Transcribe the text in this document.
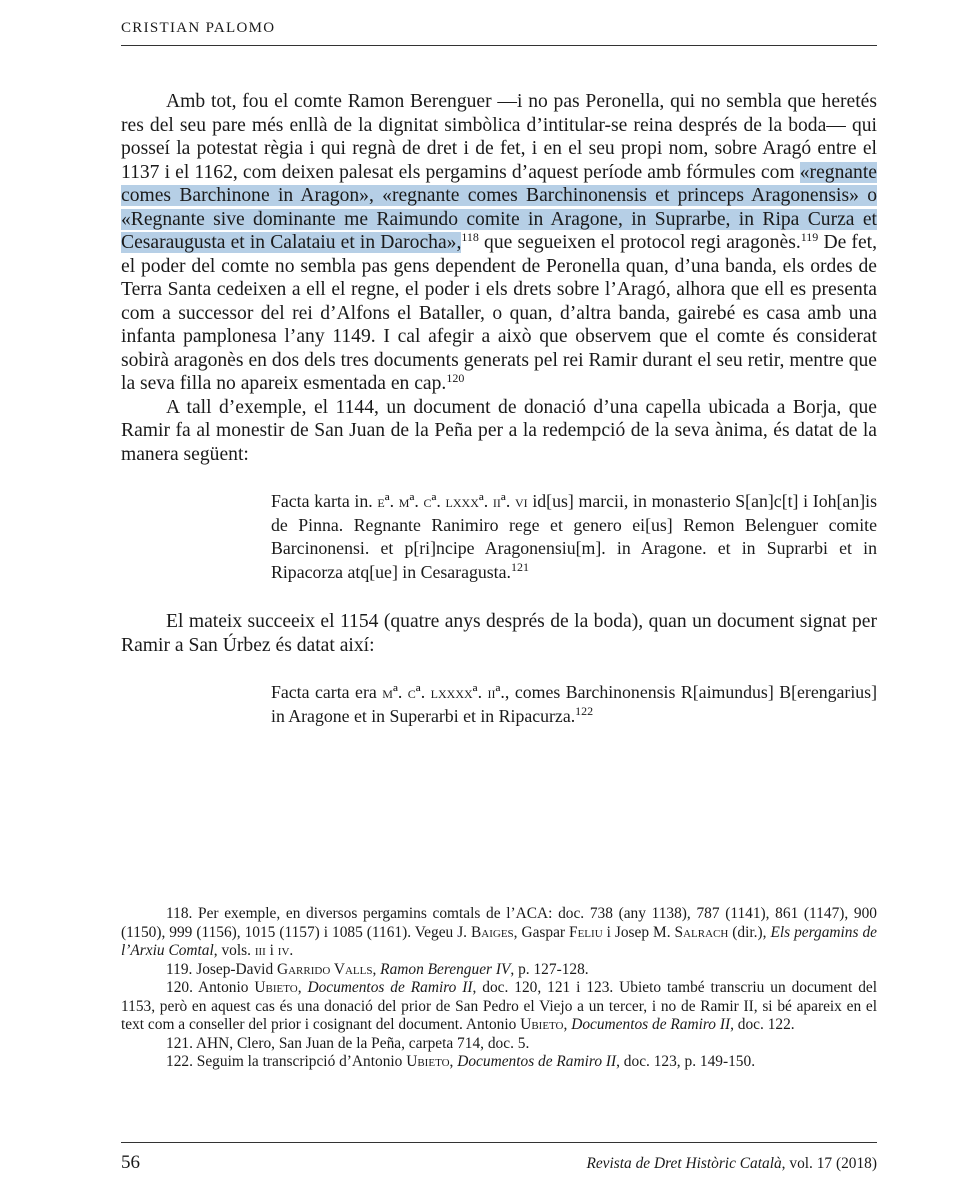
CRISTIAN PALOMO

Amb tot, fou el comte Ramon Berenguer —i no pas Peronella, qui no sembla que heretés res del seu pare més enllà de la dignitat simbòlica d’intitular-se reina després de la boda— qui posseí la potestat règia i qui regnà de dret i de fet, i en el seu propi nom, sobre Aragó entre el 1137 i el 1162, com deixen palesat els pergamins d’aquest període amb fórmules com «regnante comes Barchinone in Aragon», «regnante comes Barchinonensis et princeps Aragonensis» o «Regnante sive dominante me Raimundo comite in Aragone, in Suprarbe, in Ripa Curza et Cesaraugusta et in Calataiu et in Darocha»,$^{118}$ que segueixen el protocol regi aragonès.$^{119}$ De fet, el poder del comte no sembla pas gens dependent de Peronella quan, d’una banda, els ordes de Terra Santa cedeixen a ell el regne, el poder i els drets sobre l’Aragó, alhora que ell es presenta com a successor del rei d’Alfons el Bataller, o quan, d’altra banda, gairebé es casa amb una infanta pamplonesa l’any 1149. I cal afegir a això que observem que el comte és considerat sobirà aragonès en dos dels tres documents generats pel rei Ramir durant el seu retir, mentre que la seva filla no apareix esmentada en cap.$^{120}$

A tall d’exemple, el 1144, un document de donació d’una capella ubicada a Borja, que Ramir fa al monestir de San Juan de la Peña per a la redempció de la seva ànima, és datat de la manera següent:

Facta karta in. eª. mª. cª. lxxxª. iiª. vi id[us] marcii, in monasterio S[an]c[t] i Ioh[an]is de Pinna. Regnante Ranimiro rege et genero ei[us] Remon Belenguer comite Barcinonensi. et p[ri]ncipe Aragonensiu[m]. in Aragone. et in Suprarbi et in Ripacorza atq[ue] in Cesaragusta.$^{121}$

El mateix succeeix el 1154 (quatre anys després de la boda), quan un document signat per Ramir a San Úrbez és datat així:

Facta carta era mª. cª. lxxxxª. iiª., comes Barchinonensis R[aimundus] B[erengarius] in Aragone et in Superarbi et in Ripacurza.$^{122}$

118. Per exemple, en diversos pergamins comtals de l’ACA: doc. 738 (any 1138), 787 (1141), 861 (1147), 900 (1150), 999 (1156), 1015 (1157) i 1085 (1161). Vegeu J. Baiges, Gaspar Feliu i Josep M. Salrach (dir.), Els pergamins de l’Arxiu Comtal, vols. iii i iv.

119. Josep-David Garrido Valls, Ramon Berenguer IV, p. 127-128.

120. Antonio Ubieto, Documentos de Ramiro II, doc. 120, 121 i 123. Ubieto també transcriu un document del 1153, però en aquest cas és una donació del prior de San Pedro el Viejo a un tercer, i no de Ramir II, si bé apareix en el text com a conseller del prior i cosignant del document. Antonio Ubieto, Documentos de Ramiro II, doc. 122.

121. AHN, Clero, San Juan de la Peña, carpeta 714, doc. 5.

122. Seguim la transcripció d’Antonio Ubieto, Documentos de Ramiro II, doc. 123, p. 149-150.

56	Revista de Dret Històric Català, vol. 17 (2018)
